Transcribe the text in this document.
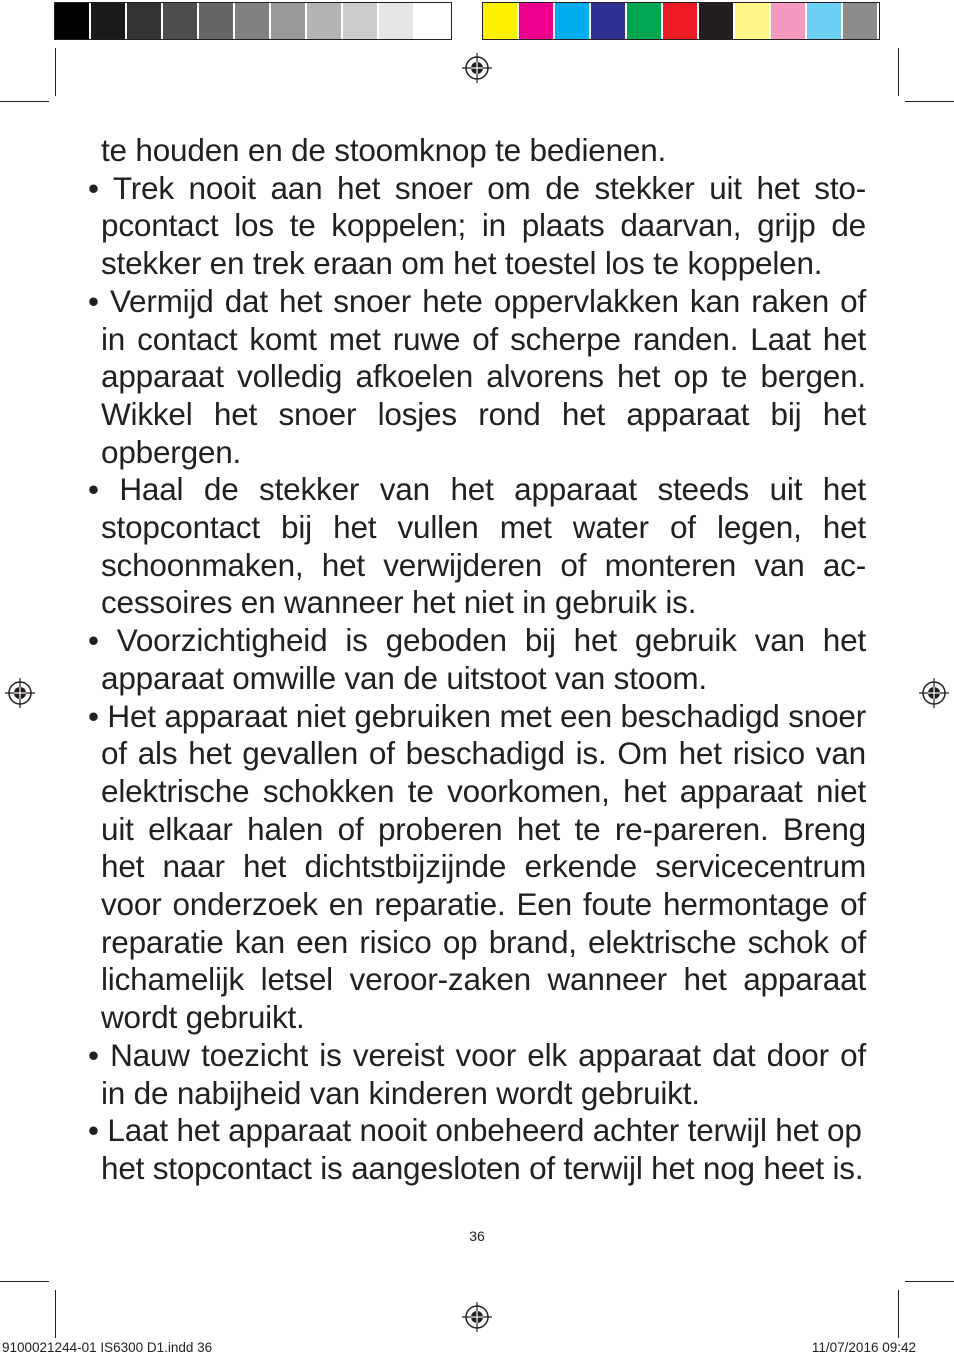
te houden en de stoomknop te bedienen.

• Trek nooit aan het snoer om de stekker uit het sto-pcontact los te koppelen; in plaats daarvan, grijp de stekker en trek eraan om het toestel los te koppelen.

• Vermijd dat het snoer hete oppervlakken kan raken of in contact komt met ruwe of scherpe randen. Laat het apparaat volledig afkoelen alvorens het op te bergen. Wikkel het snoer losjes rond het apparaat bij het opbergen.

• Haal de stekker van het apparaat steeds uit het stopcontact bij het vullen met water of legen, het schoonmaken, het verwijderen of monteren van ac-cessoires en wanneer het niet in gebruik is.

• Voorzichtigheid is geboden bij het gebruik van het apparaat omwille van de uitstoot van stoom.

• Het apparaat niet gebruiken met een beschadigd snoer of als het gevallen of beschadigd is. Om het risico van elektrische schokken te voorkomen, het apparaat niet uit elkaar halen of proberen het te re-pareren. Breng het naar het dichtstbijzijnde erkende servicecentrum voor onderzoek en reparatie. Een foute hermontage of reparatie kan een risico op brand, elektrische schok of lichamelijk letsel veroor-zaken wanneer het apparaat wordt gebruikt.

• Nauw toezicht is vereist voor elk apparaat dat door of in de nabijheid van kinderen wordt gebruikt.

• Laat het apparaat nooit onbeheerd achter terwijl het op het stopcontact is aangesloten of terwijl het nog heet is.

36
9100021244-01 IS6300 D1.indd 36	11/07/2016 09:42
